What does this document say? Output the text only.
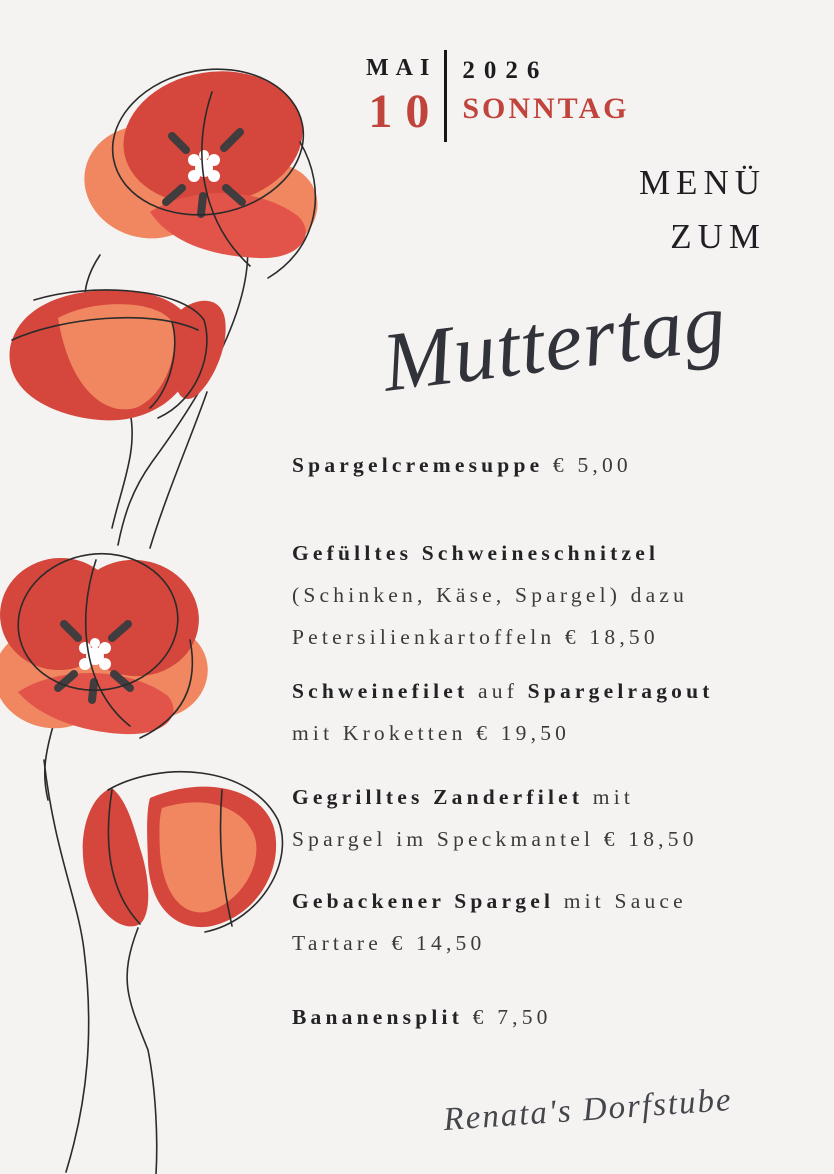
MAI
10
2026
SONNTAG
MENÜ
ZUM
Muttertag
Spargelcremesuppe € 5,00
Gefülltes Schweineschnitzel
(Schinken, Käse, Spargel) dazu
Petersilienkartoffeln € 18,50
Schweinefilet auf Spargelragout
mit Kroketten € 19,50
Gegrilltes Zanderfilet mit
Spargel im Speckmantel € 18,50
Gebackener Spargel mit Sauce
Tartare € 14,50
Bananensplit € 7,50
Renata's Dorfstube
